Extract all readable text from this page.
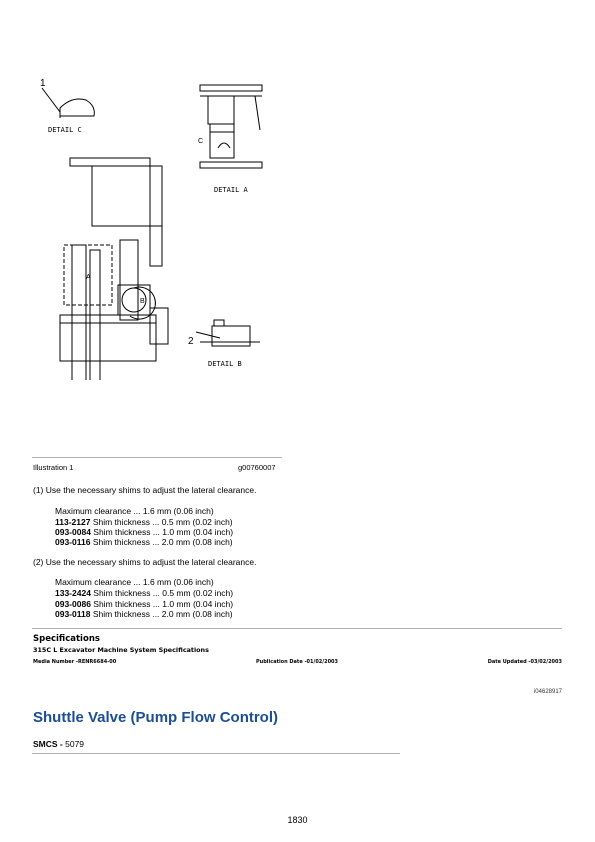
1
DETAIL C
C
DETAIL A
A
B
2
DETAIL B
Illustration 1	g00760007
(1) Use the necessary shims to adjust the lateral clearance.
Maximum clearance ... 1.6 mm (0.06 inch)
113-2127 Shim thickness ... 0.5 mm (0.02 inch)
093-0084 Shim thickness ... 1.0 mm (0.04 inch)
093-0116 Shim thickness ... 2.0 mm (0.08 inch)
(2) Use the necessary shims to adjust the lateral clearance.
Maximum clearance ... 1.6 mm (0.06 inch)
133-2424 Shim thickness ... 0.5 mm (0.02 inch)
093-0086 Shim thickness ... 1.0 mm (0.04 inch)
093-0118 Shim thickness ... 2.0 mm (0.08 inch)
Specifications
315C L Excavator Machine System Specifications
Media Number -RENR6684-00	Publication Date -01/02/2003	Date Updated -03/02/2003
i04628917
Shuttle Valve (Pump Flow Control)
SMCS - 5079
1830
